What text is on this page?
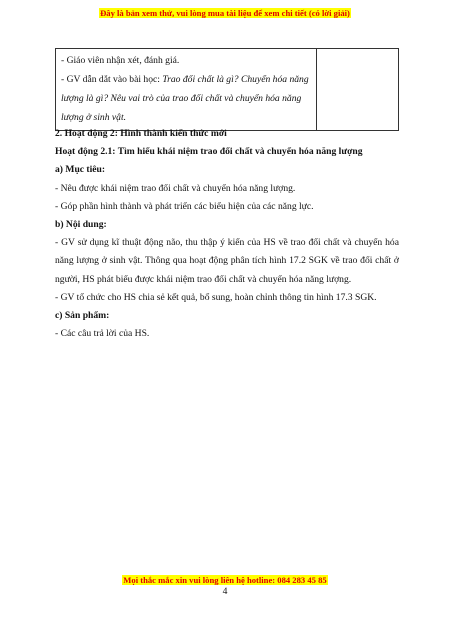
Đây là bản xem thử, vui lòng mua tài liệu để xem chi tiết (có lời giải)
- Giáo viên nhận xét, đánh giá.
- GV dẫn dắt vào bài học: Trao đổi chất là gì? Chuyển hóa năng lượng là gì? Nêu vai trò của trao đổi chất và chuyển hóa năng lượng ở sinh vật.

2. Hoạt động 2: Hình thành kiến thức mới

Hoạt động 2.1: Tìm hiểu khái niệm trao đổi chất và chuyển hóa năng lượng

a) Mục tiêu:

- Nêu được khái niệm trao đổi chất và chuyển hóa năng lượng.

- Góp phần hình thành và phát triển các biểu hiện của các năng lực.

b) Nội dung:

- GV sử dụng kĩ thuật động não, thu thập ý kiến của HS về trao đổi chất và chuyển hóa năng lượng ở sinh vật. Thông qua hoạt động phân tích hình 17.2 SGK về trao đổi chất ở người, HS phát biểu được khái niệm trao đổi chất và chuyển hóa năng lượng.

- GV tổ chức cho HS chia sẻ kết quả, bổ sung, hoàn chỉnh thông tin hình 17.3 SGK.

c) Sản phẩm:

- Các câu trả lời của HS.

Mọi thắc mắc xin vui lòng liên hệ hotline: 084 283 45 85
4
